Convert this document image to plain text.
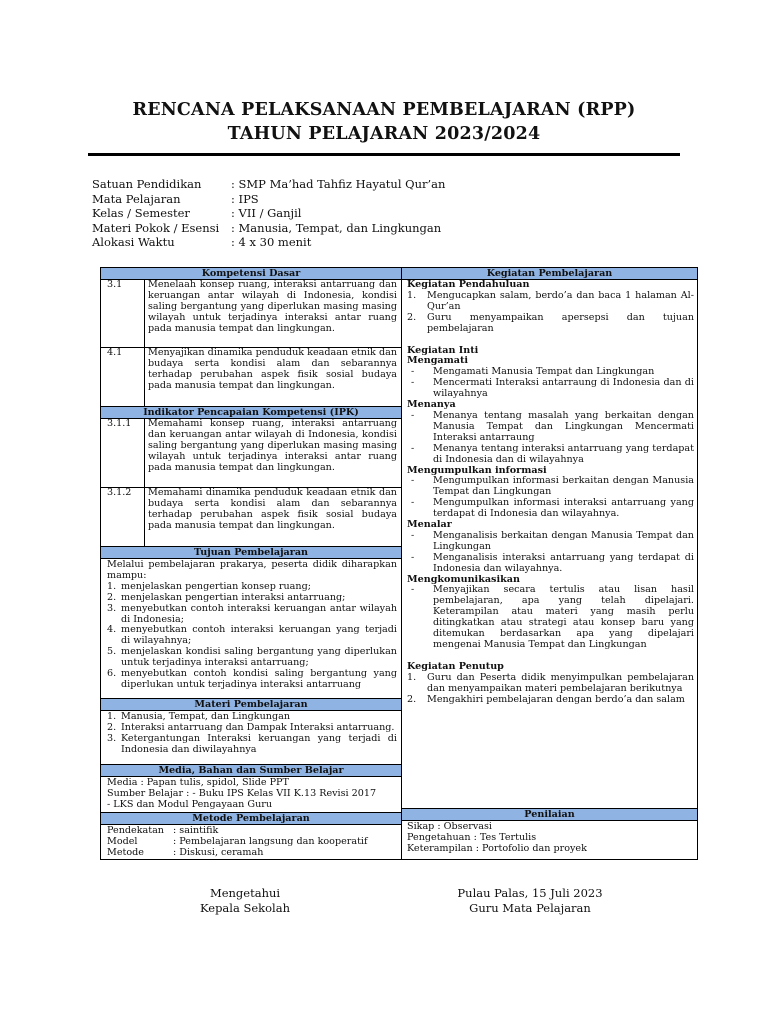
RENCANA PELAKSANAAN PEMBELAJARAN (RPP)
TAHUN PELAJARAN 2023/2024
Satuan Pendidikan	: SMP Ma’had Tahfiz Hayatul Qur’an
Mata Pelajaran	: IPS
Kelas / Semester	: VII / Ganjil
Materi Pokok / Esensi	: Manusia, Tempat, dan Lingkungan
Alokasi Waktu	: 4 x 30 menit
Kompetensi Dasar
3.1	Menelaah konsep ruang, interaksi antarruang dan keruangan antar wilayah di Indonesia, kondisi saling bergantung yang diperlukan masing masing wilayah untuk terjadinya interaksi antar ruang pada manusia tempat dan lingkungan.
4.1	Menyajikan dinamika penduduk keadaan etnik dan budaya serta kondisi alam dan sebarannya terhadap perubahan aspek fisik sosial budaya pada manusia tempat dan lingkungan.
Indikator Pencapaian Kompetensi (IPK)
3.1.1	Memahami konsep ruang, interaksi antarruang dan keruangan antar wilayah di Indonesia, kondisi saling bergantung yang diperlukan masing masing wilayah untuk terjadinya interaksi antar ruang pada manusia tempat dan lingkungan.
3.1.2	Memahami dinamika penduduk keadaan etnik dan budaya serta kondisi alam dan sebarannya terhadap perubahan aspek fisik sosial budaya pada manusia tempat dan lingkungan.
Tujuan Pembelajaran
Melalui pembelajaran prakarya, peserta didik diharapkan mampu:
1. menjelaskan pengertian konsep ruang;
2. menjelaskan pengertian interaksi antarruang;
3. menyebutkan contoh interaksi keruangan antar wilayah di Indonesia;
4. menyebutkan contoh interaksi keruangan yang terjadi di wilayahnya;
5. menjelaskan kondisi saling bergantung yang diperlukan untuk terjadinya interaksi antarruang;
6. menyebutkan contoh kondisi saling bergantung yang diperlukan untuk terjadinya interaksi antarruang
Materi Pembelajaran
1. Manusia, Tempat, dan Lingkungan
2. Interaksi antarruang dan Dampak Interaksi antarruang.
3. Ketergantungan Interaksi keruangan yang terjadi di Indonesia dan diwilayahnya
Media, Bahan dan Sumber Belajar
Media : Papan tulis, spidol, Slide PPT
Sumber Belajar : - Buku IPS Kelas VII K.13 Revisi 2017
- LKS dan Modul Pengayaan Guru
Metode Pembelajaran
Pendekatan : saintifik
Model	: Pembelajaran langsung dan kooperatif
Metode	: Diskusi, ceramah
Kegiatan Pembelajaran
Kegiatan Pendahuluan
1.	Mengucapkan salam, berdo’a dan baca 1 halaman Al-Qur’an
2.	Guru menyampaikan apersepsi dan tujuan pembelajaran
Kegiatan Inti
Mengamati
-	Mengamati Manusia Tempat dan Lingkungan
-	Mencermati Interaksi antarraung di Indonesia dan di wilayahnya
Menanya
-	Menanya tentang masalah yang berkaitan dengan Manusia Tempat dan Lingkungan Mencermati Interaksi antarraung
-	Menanya tentang interaksi antarruang yang terdapat di Indonesia dan di wilayahnya
Mengumpulkan informasi
-	Mengumpulkan informasi berkaitan dengan Manusia Tempat dan Lingkungan
-	Mengumpulkan informasi interaksi antarruang yang terdapat di Indonesia dan wilayahnya.
Menalar
-	Menganalisis berkaitan dengan Manusia Tempat dan Lingkungan
-	Menganalisis interaksi antarruang yang terdapat di Indonesia dan wilayahnya.
Mengkomunikasikan
-	Menyajikan secara tertulis atau lisan hasil pembelajaran, apa yang telah dipelajari. Keterampilan atau materi yang masih perlu ditingkatkan atau strategi atau konsep baru yang ditemukan berdasarkan apa yang dipelajari mengenai Manusia Tempat dan Lingkungan
Kegiatan Penutup
1.	Guru dan Peserta didik menyimpulkan pembelajaran dan menyampaikan materi pembelajaran berikutnya
2.	Mengakhiri pembelajaran dengan berdo’a dan salam
Penilaian
Sikap : Observasi
Pengetahuan : Tes Tertulis
Keterampilan : Portofolio dan proyek
Mengetahui
Kepala Sekolah
Pulau Palas, 15 Juli 2023
Guru Mata Pelajaran
